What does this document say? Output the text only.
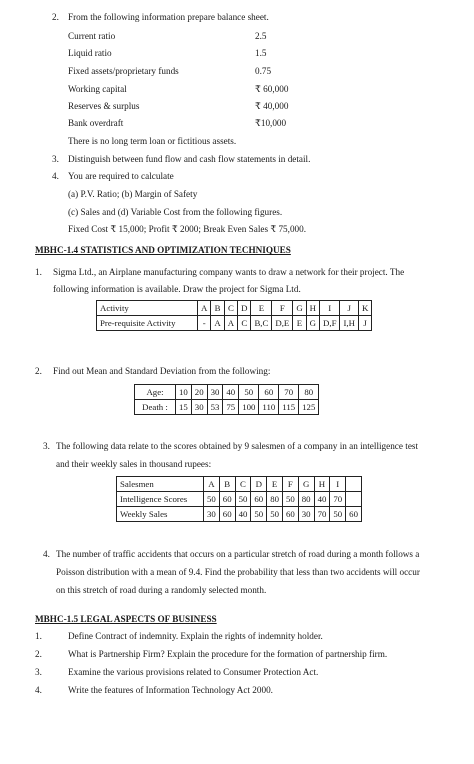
2. From the following information prepare balance sheet.
Current ratio	2.5
Liquid ratio	1.5
Fixed assets/proprietary funds	0.75
Working capital	₹ 60,000
Reserves & surplus	₹ 40,000
Bank overdraft	₹10,000
There is no long term loan or fictitious assets.
3. Distinguish between fund flow and cash flow statements in detail.
4. You are required to calculate
(a) P.V. Ratio; (b) Margin of Safety
(c) Sales and (d) Variable Cost from the following figures.
Fixed Cost ₹ 15,000; Profit ₹ 2000; Break Even Sales ₹ 75,000.
MBHC-1.4 STATISTICS AND OPTIMIZATION TECHNIQUES
1. Sigma Ltd., an Airplane manufacturing company wants to draw a network for their project. The
following information is available. Draw the project for Sigma Ltd.
Activity	A	B	C	D	E	F	G	H	I	J	K
Pre-requisite Activity	-	A	A	C	B,C	D,E	E	G	D,F	I,H	J
2. Find out Mean and Standard Deviation from the following:
Age:	10	20	30	40	50	60	70	80
Death :	15	30	53	75	100	110	115	125
3. The following data relate to the scores obtained by 9 salesmen of a company in an intelligence test
and their weekly sales in thousand rupees:
Salesmen	A	B	C	D	E	F	G	H	I	
Intelligence Scores	50	60	50	60	80	50	80	40	70	
Weekly Sales	30	60	40	50	50	60	30	70	50	60
4. The number of traffic accidents that occurs on a particular stretch of road during a month follows a
Poisson distribution with a mean of 9.4. Find the probability that less than two accidents will occur
on this stretch of road during a randomly selected month.
MBHC-1.5 LEGAL ASPECTS OF BUSINESS
1.	Define Contract of indemnity. Explain the rights of indemnity holder.
2.	What is Partnership Firm? Explain the procedure for the formation of partnership firm.
3.	Examine the various provisions related to Consumer Protection Act.
4.	Write the features of Information Technology Act 2000.
